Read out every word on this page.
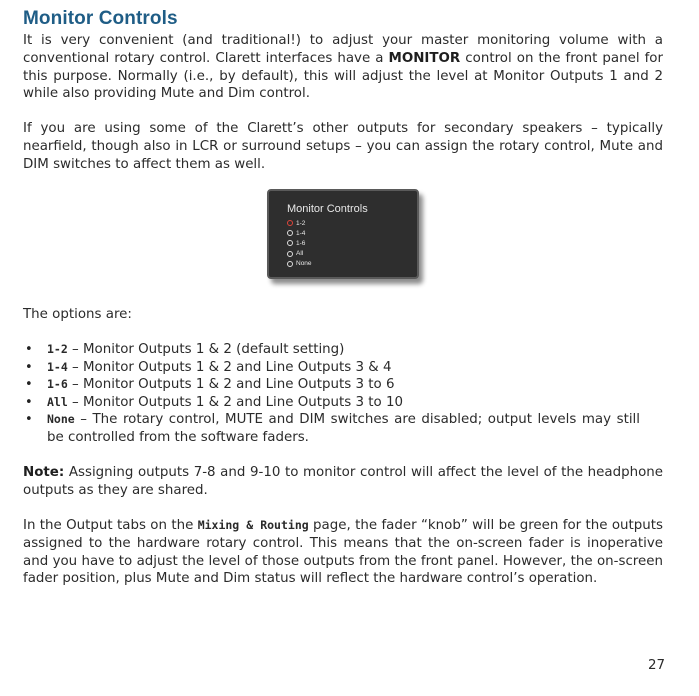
Monitor Controls
It is very convenient (and traditional!) to adjust your master monitoring volume with a conventional rotary control. Clarett interfaces have a MONITOR control on the front panel for this purpose. Normally (i.e., by default), this will adjust the level at Monitor Outputs 1 and 2 while also providing Mute and Dim control.
If you are using some of the Clarett’s other outputs for secondary speakers – typically nearfield, though also in LCR or surround setups – you can assign the rotary control, Mute and DIM switches to affect them as well.
The options are:
Note: Assigning outputs 7-8 and 9-10 to monitor control will affect the level of the headphone outputs as they are shared.
In the Output tabs on the Mixing & Routing page, the fader “knob” will be green for the outputs assigned to the hardware rotary control. This means that the on-screen fader is inoperative and you have to adjust the level of those outputs from the front panel. However, the on-screen fader position, plus Mute and Dim status will reflect the hardware control’s operation.
Monitor Controls
1-2
1-4
1-6
All
None
• 1-2 – Monitor Outputs 1 & 2 (default setting)
• 1-4 – Monitor Outputs 1 & 2 and Line Outputs 3 & 4
• 1-6 – Monitor Outputs 1 & 2 and Line Outputs 3 to 6
• All – Monitor Outputs 1 & 2 and Line Outputs 3 to 10
• None – The rotary control, MUTE and DIM switches are disabled; output levels may still be controlled from the software faders.
27
